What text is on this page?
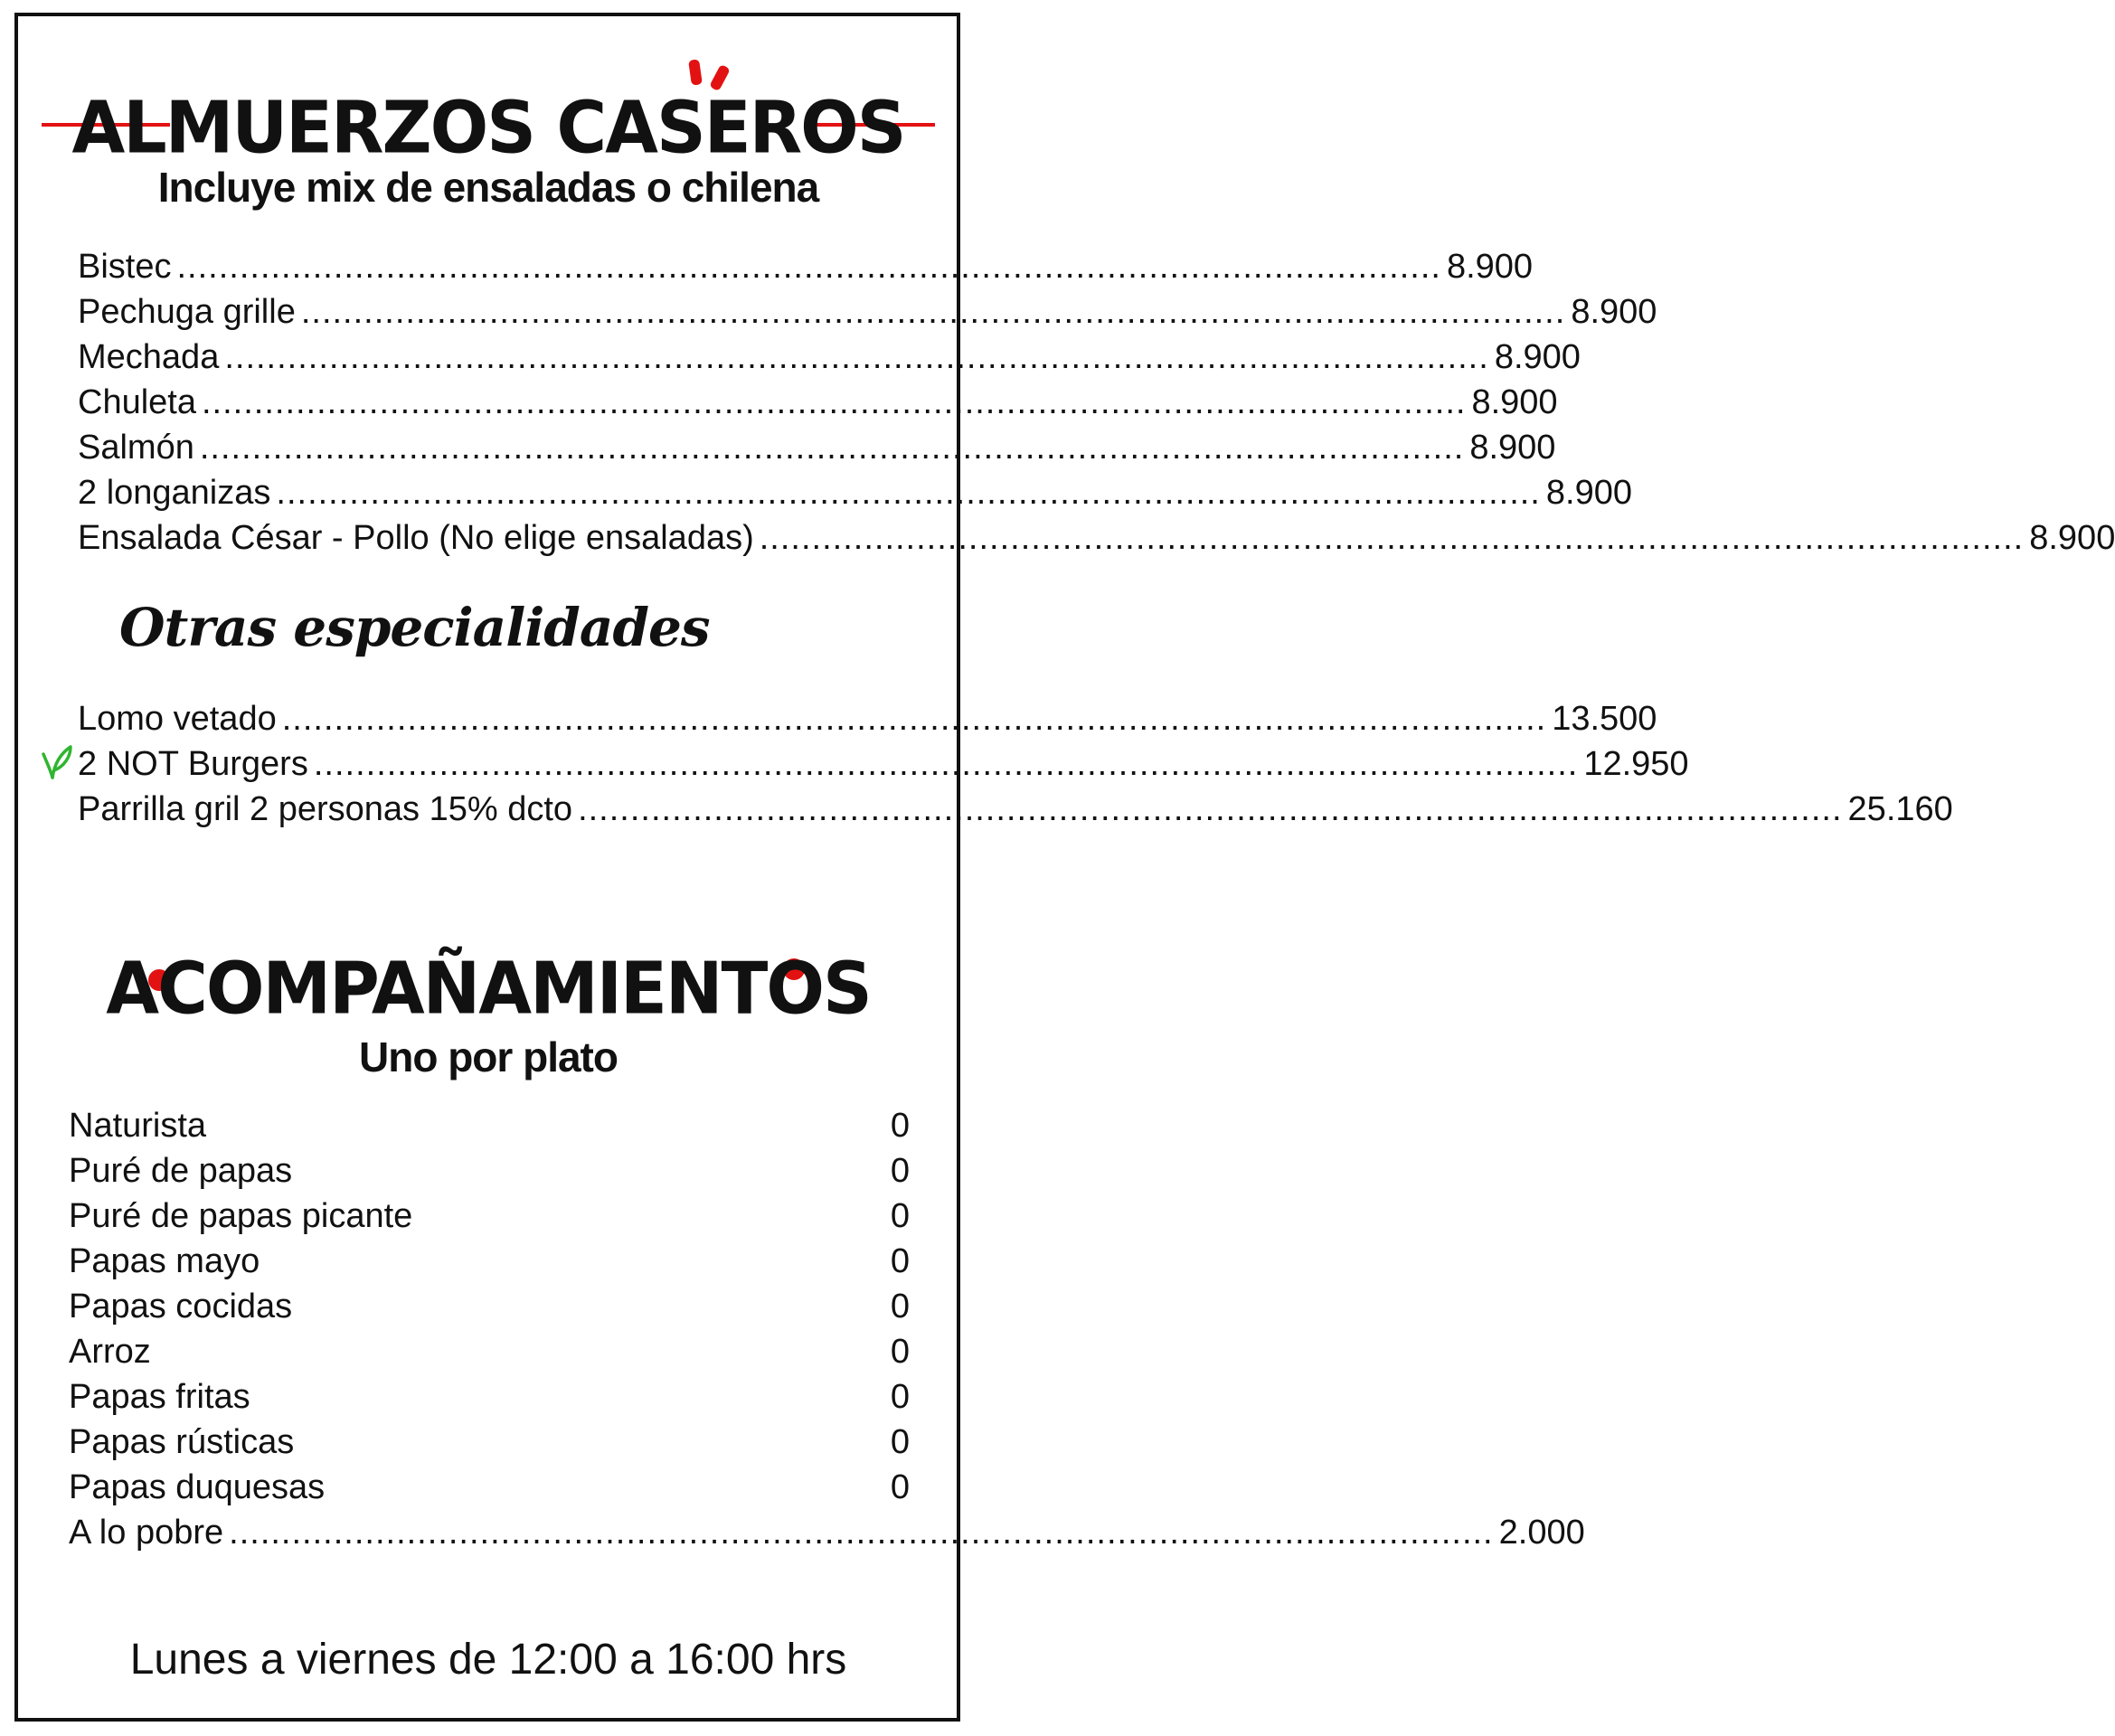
ALMUERZOS CASEROS
Incluye mix de ensaladas o chilena
Bistec ......................................................................................................................... 8.900
Pechuga grille ......................................................................................................................... 8.900
Mechada ......................................................................................................................... 8.900
Chuleta ......................................................................................................................... 8.900
Salmón ......................................................................................................................... 8.900
2 longanizas ......................................................................................................................... 8.900
Ensalada César - Pollo (No elige ensaladas) ......................................................................................................................... 8.900
Otras especialidades
Lomo vetado ......................................................................................................................... 13.500
2 NOT Burgers ......................................................................................................................... 12.950
Parrilla gril 2 personas 15% dcto ......................................................................................................................... 25.160
ACOMPAÑAMIENTOS
Uno por plato
Naturista	0
Puré de papas	0
Puré de papas picante	0
Papas mayo	0
Papas cocidas	0
Arroz	0
Papas fritas	0
Papas rústicas	0
Papas duquesas	0
A lo pobre ......................................................................................................................... 2.000
Lunes a viernes de 12:00 a 16:00 hrs
